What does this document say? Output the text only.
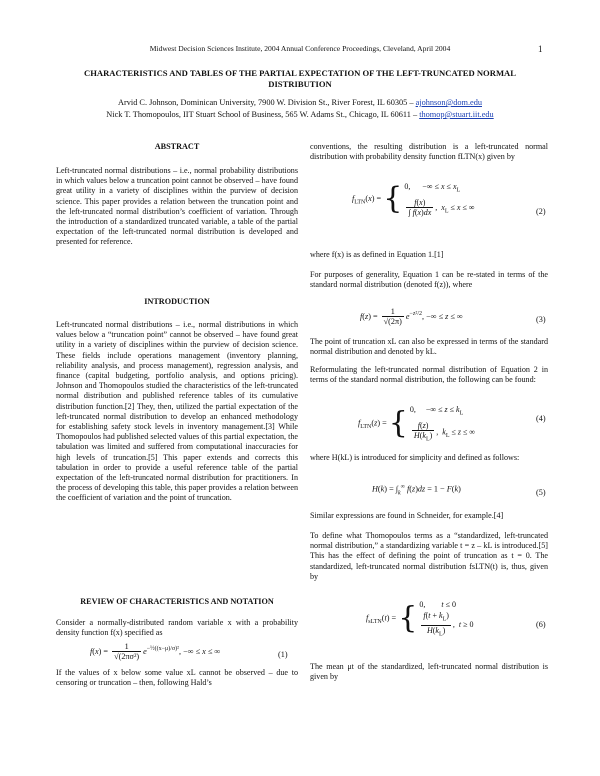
Midwest Decision Sciences Institute, 2004 Annual Conference Proceedings, Cleveland, April 2004	1
CHARACTERISTICS AND TABLES OF THE PARTIAL EXPECTATION OF THE LEFT-TRUNCATED NORMAL DISTRIBUTION
Arvid C. Johnson, Dominican University, 7900 W. Division St., River Forest, IL 60305 – ajohnson@dom.edu
Nick T. Thomopoulos, IIT Stuart School of Business, 565 W. Adams St., Chicago, IL 60611 – thomop@stuart.iit.edu
ABSTRACT
Left-truncated normal distributions – i.e., normal probability distributions in which values below a truncation point cannot be observed – have found great utility in a variety of disciplines within the purview of decision science. This paper provides a relation between the truncation point and the left-truncated normal distribution’s coefficient of variation. Through the introduction of a standardized truncated variable, a table of the partial expectation of the left-truncated normal distribution is developed and presented for reference.
INTRODUCTION
Left-truncated normal distributions – i.e., normal distributions in which values below a “truncation point” cannot be observed – have found great utility in a variety of disciplines within the purview of decision science. These fields include operations management (inventory planning, reliability analysis, and process management), regression analysis, and finance (capital budgeting, portfolio analysis, and options pricing). Johnson and Thomopoulos studied the characteristics of the left-truncated normal distribution and published reference tables of its cumulative distribution function.[2] They, then, utilized the partial expectation of the left-truncated normal distribution to develop an enhanced methodology for establishing safety stock levels in inventory management.[3] While Thomopoulos had published selected values of this partial expectation, the tabulation was limited and suffered from computational inaccuracies for high levels of truncation.[5] This paper extends and corrects this tabulation in order to provide a useful reference table of the partial expectation of the left-truncated normal distribution for practitioners. In the process of developing this table, this paper provides a relation between the coefficient of variation and the point of truncation.
REVIEW OF CHARACTERISTICS AND NOTATION
Consider a normally-distributed random variable x with a probability density function f(x) specified as
$f(x) = \frac{1}{\text{√(2πσ²)}} e^{-\frac{1}{2}((x-\mu)/\sigma)^2}$, −∞ ≤ x ≤ ∞	(1)
If the values of x below some value xL cannot be observed – due to censoring or truncation – then, following Hald’s
conventions, the resulting distribution is a left-truncated normal distribution with probability density function fLTN(x) given by
$f_{LTN}(x)$ = { 0,      −∞ ≤ $x \le x_L$

$\frac{f(x)}{\int f(x)dx}$ ,  $x_L \le x$ ≤ ∞
(2)
where f(x) is as defined in Equation 1.[1]
For purposes of generality, Equation 1 can be re-stated in terms of the standard normal distribution (denoted f(z)), where
$f(z) = \frac{1}{√(2\pi)} e^{-z^2/2}$, −∞ ≤ z ≤ ∞	(3)
The point of truncation xL can also be expressed in terms of the standard normal distribution and denoted by kL.
Reformulating the left-truncated normal distribution of Equation 2 in terms of the standard normal distribution, the following can be found:
$f_{LTN}(z)$ = { 0,     −∞ ≤ $z \le k_L$

$\frac{f(z)}{H(k_L)}$ ,  $k_L \le z$ ≤ ∞
(4)
where H(kL) is introduced for simplicity and defined as follows:
$H(k) = \int_k^\infty$ f(z)dz = 1 − F(k)	(5)
Similar expressions are found in Schneider, for example.[4]
To define what Thomopoulos terms as a “standardized, left-truncated normal distribution,” a standardizing variable t = z – kL is introduced.[5] This has the effect of defining the point of truncation as t = 0. The standardized, left-truncated normal distribution fsLTN(t) is, thus, given by
$f_{sLTN}(t)$ = { 0,        t ≤ 0

$\frac{f(t + k_L)}{H(k_L)}$ ,  t ≥ 0	(6)
The mean μt of the standardized, left-truncated normal distribution is given by
